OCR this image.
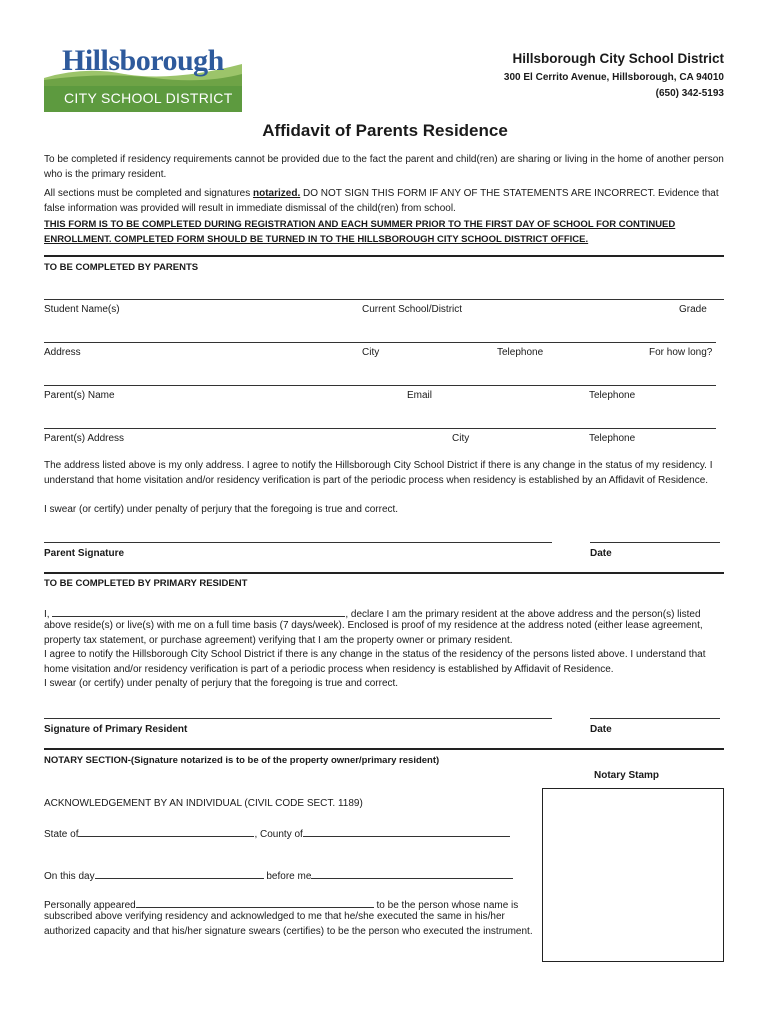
Hillsborough
CITY SCHOOL DISTRICT
Hillsborough City School District
300 El Cerrito Avenue, Hillsborough, CA 94010
(650) 342-5193
Affidavit of Parents Residence
To be completed if residency requirements cannot be provided due to the fact the parent and child(ren) are sharing or living in the home of another person who is the primary resident.
All sections must be completed and signatures notarized. DO NOT SIGN THIS FORM IF ANY OF THE STATEMENTS ARE INCORRECT. Evidence that false information was provided will result in immediate dismissal of the child(ren) from school.
THIS FORM IS TO BE COMPLETED DURING REGISTRATION AND EACH SUMMER PRIOR TO THE FIRST DAY OF SCHOOL FOR CONTINUED ENROLLMENT. COMPLETED FORM SHOULD BE TURNED IN TO THE HILLSBOROUGH CITY SCHOOL DISTRICT OFFICE.
TO BE COMPLETED BY PARENTS
Student Name(s)	Current School/District	Grade
Address	City	Telephone	For how long?
Parent(s) Name	Email	Telephone
Parent(s) Address	City	Telephone
The address listed above is my only address. I agree to notify the Hillsborough City School District if there is any change in the status of my residency. I understand that home visitation and/or residency verification is part of the periodic process when residency is established by an Affidavit of Residence.
I swear (or certify) under penalty of perjury that the foregoing is true and correct.
Parent Signature	Date
TO BE COMPLETED BY PRIMARY RESIDENT
I,	, declare I am the primary resident at the above address and the person(s) listed
above reside(s) or live(s) with me on a full time basis (7 days/week). Enclosed is proof of my residence at the address noted (either lease agreement, property tax statement, or purchase agreement) verifying that I am the property owner or primary resident.
I agree to notify the Hillsborough City School District if there is any change in the status of the residency of the persons listed above. I understand that home visitation and/or residency verification is part of a periodic process when residency is established by Affidavit of Residence.
I swear (or certify) under penalty of perjury that the foregoing is true and correct.
Signature of Primary Resident	Date
NOTARY SECTION-(Signature notarized is to be of the property owner/primary resident)
Notary Stamp
ACKNOWLEDGEMENT BY AN INDIVIDUAL (CIVIL CODE SECT. 1189)
State of	, County of
On this day	before me
Personally appeared	to be the person whose name is
subscribed above verifying residency and acknowledged to me that he/she executed the same in his/her authorized capacity and that his/her signature swears (certifies) to be the person who executed the instrument.
